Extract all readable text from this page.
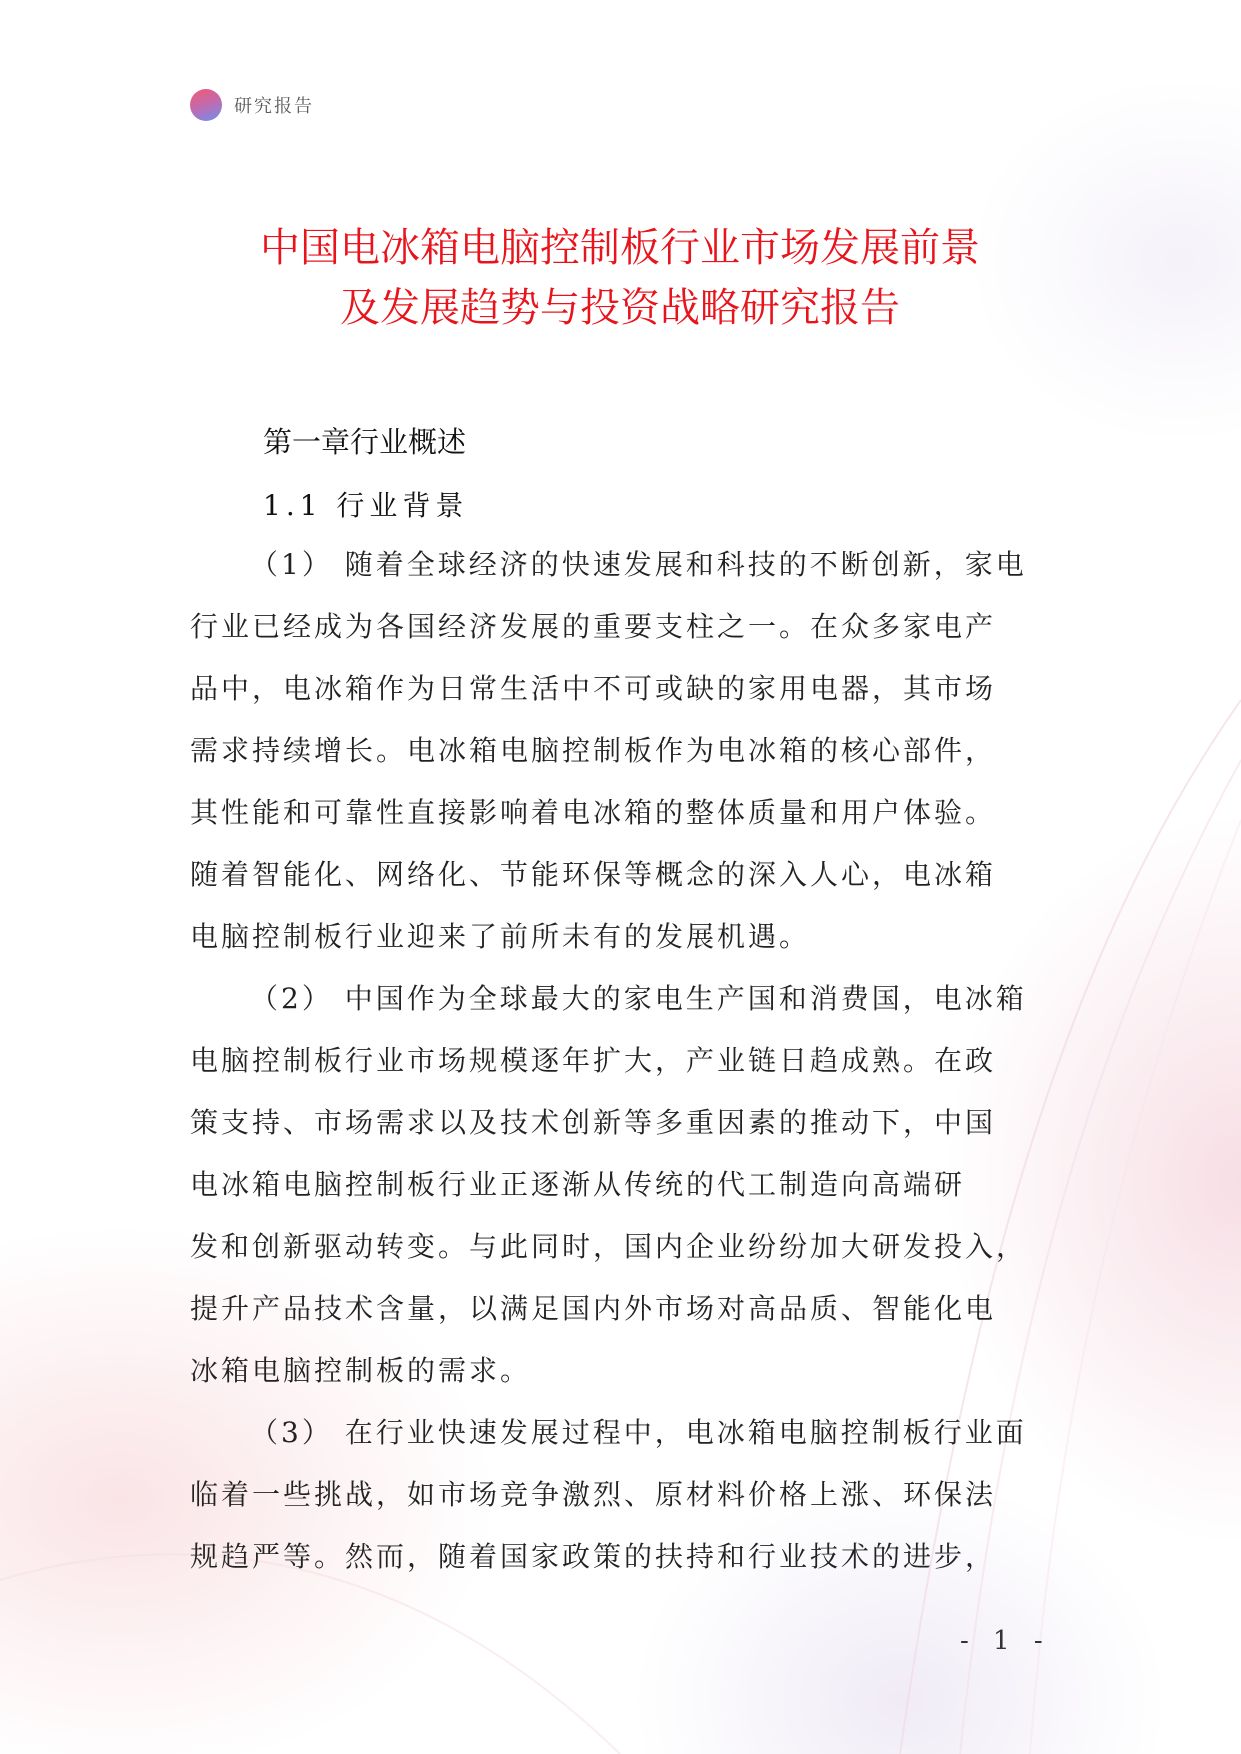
研究报告
中国电冰箱电脑控制板行业市场发展前景
及发展趋势与投资战略研究报告
第一章行业概述
1.1 行业背景
（1） 随着全球经济的快速发展和科技的不断创新，家电
行业已经成为各国经济发展的重要支柱之一。在众多家电产
品中，电冰箱作为日常生活中不可或缺的家用电器，其市场
需求持续增长。电冰箱电脑控制板作为电冰箱的核心部件，
其性能和可靠性直接影响着电冰箱的整体质量和用户体验。
随着智能化、网络化、节能环保等概念的深入人心，电冰箱
电脑控制板行业迎来了前所未有的发展机遇。
（2） 中国作为全球最大的家电生产国和消费国，电冰箱
电脑控制板行业市场规模逐年扩大，产业链日趋成熟。在政
策支持、市场需求以及技术创新等多重因素的推动下，中国
电冰箱电脑控制板行业正逐渐从传统的代工制造向高端研
发和创新驱动转变。与此同时，国内企业纷纷加大研发投入，
提升产品技术含量，以满足国内外市场对高品质、智能化电
冰箱电脑控制板的需求。
（3） 在行业快速发展过程中，电冰箱电脑控制板行业面
临着一些挑战，如市场竞争激烈、原材料价格上涨、环保法
规趋严等。然而，随着国家政策的扶持和行业技术的进步，
- 1 -
